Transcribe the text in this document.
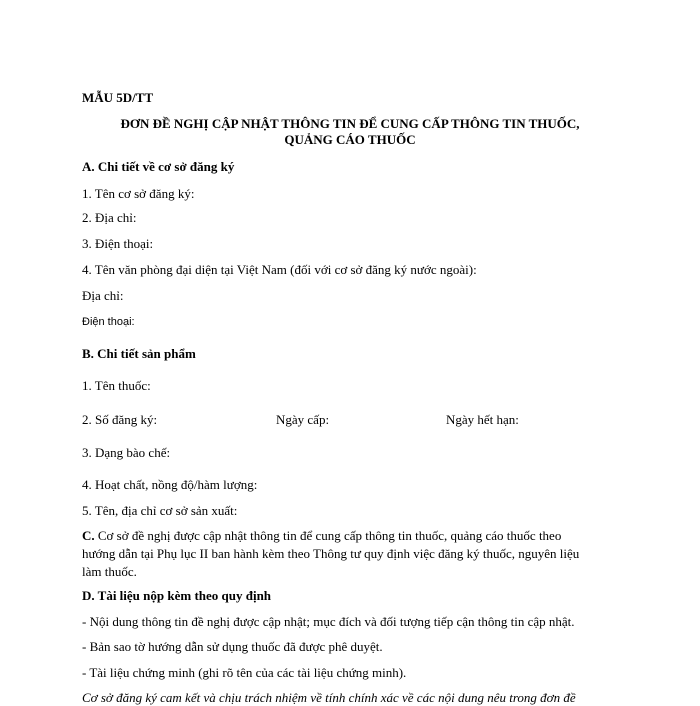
MẪU 5D/TT
ĐƠN ĐỀ NGHỊ CẬP NHẬT THÔNG TIN ĐỂ CUNG CẤP THÔNG TIN THUỐC,
QUẢNG CÁO THUỐC
A. Chi tiết về cơ sở đăng ký
1. Tên cơ sở đăng ký:
2. Địa chỉ:
3. Điện thoại:
4. Tên văn phòng đại diện tại Việt Nam (đối với cơ sở đăng ký nước ngoài):
Địa chỉ:
Điện thoại:
B. Chi tiết sản phẩm
1. Tên thuốc:
2. Số đăng ký:	Ngày cấp:	Ngày hết hạn:
3. Dạng bào chế:
4. Hoạt chất, nồng độ/hàm lượng:
5. Tên, địa chỉ cơ sở sản xuất:
C. Cơ sở đề nghị được cập nhật thông tin để cung cấp thông tin thuốc, quảng cáo thuốc theo
hướng dẫn tại Phụ lục II ban hành kèm theo Thông tư quy định việc đăng ký thuốc, nguyên liệu
làm thuốc.
D. Tài liệu nộp kèm theo quy định
- Nội dung thông tin đề nghị được cập nhật; mục đích và đối tượng tiếp cận thông tin cập nhật.
- Bản sao tờ hướng dẫn sử dụng thuốc đã được phê duyệt.
- Tài liệu chứng minh (ghi rõ tên của các tài liệu chứng minh).
Cơ sở đăng ký cam kết và chịu trách nhiệm về tính chính xác về các nội dung nêu trong đơn đề
